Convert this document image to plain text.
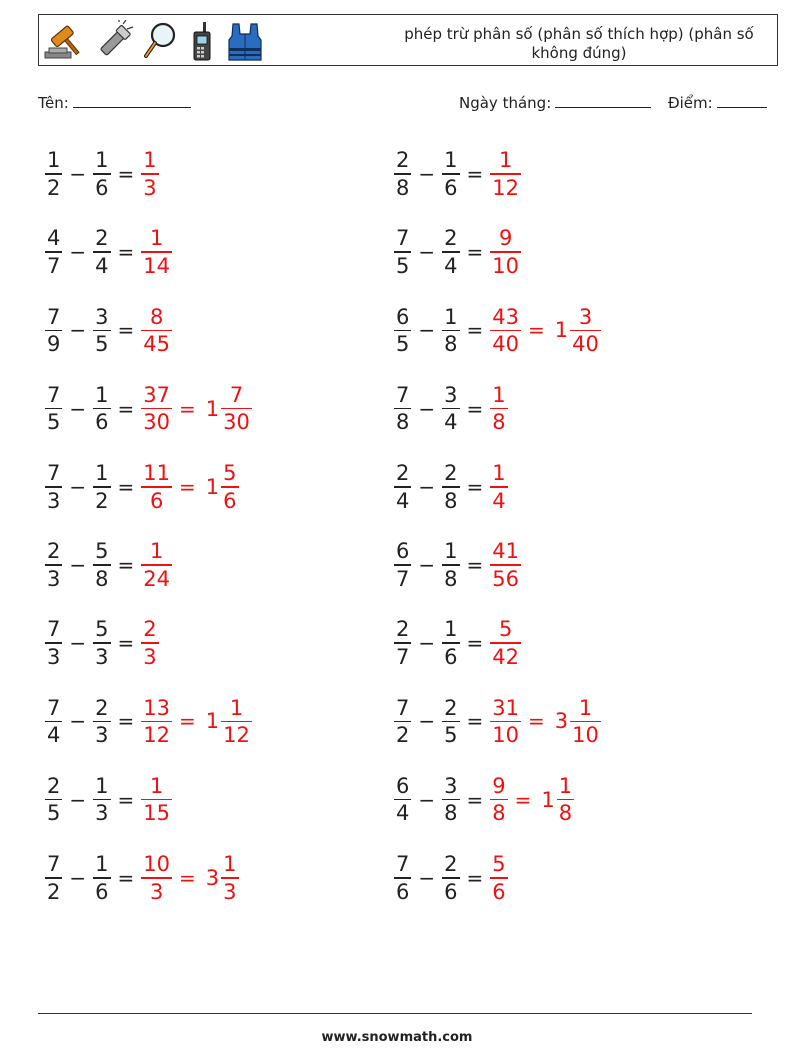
phép trừ phân số (phân số thích hợp) (phân số không đúng)
Tên:	Ngày tháng:	Điểm:
$\frac{1}{2} - \frac{1}{6} = \frac{1}{3}$	$\frac{2}{8} - \frac{1}{6} = \frac{1}{12}$
$\frac{4}{7} - \frac{2}{4} = \frac{1}{14}$	$\frac{7}{5} - \frac{2}{4} = \frac{9}{10}$
$\frac{7}{9} - \frac{3}{5} = \frac{8}{45}$	$\frac{6}{5} - \frac{1}{8} = \frac{43}{40} = 1 \frac{3}{40}$
$\frac{7}{5} - \frac{1}{6} = \frac{37}{30} = 1 \frac{7}{30}$	$\frac{7}{8} - \frac{3}{4} = \frac{1}{8}$
$\frac{7}{3} - \frac{1}{2} = \frac{11}{6} = 1 \frac{5}{6}$	$\frac{2}{4} - \frac{2}{8} = \frac{1}{4}$
$\frac{2}{3} - \frac{5}{8} = \frac{1}{24}$	$\frac{6}{7} - \frac{1}{8} = \frac{41}{56}$
$\frac{7}{3} - \frac{5}{3} = \frac{2}{3}$	$\frac{2}{7} - \frac{1}{6} = \frac{5}{42}$
$\frac{7}{4} - \frac{2}{3} = \frac{13}{12} = 1 \frac{1}{12}$	$\frac{7}{2} - \frac{2}{5} = \frac{31}{10} = 3 \frac{1}{10}$
$\frac{2}{5} - \frac{1}{3} = \frac{1}{15}$	$\frac{6}{4} - \frac{3}{8} = \frac{9}{8} = 1 \frac{1}{8}$
$\frac{7}{2} - \frac{1}{6} = \frac{10}{3} = 3 \frac{1}{3}$	$\frac{7}{6} - \frac{2}{6} = \frac{5}{6}$
www.snowmath.com
